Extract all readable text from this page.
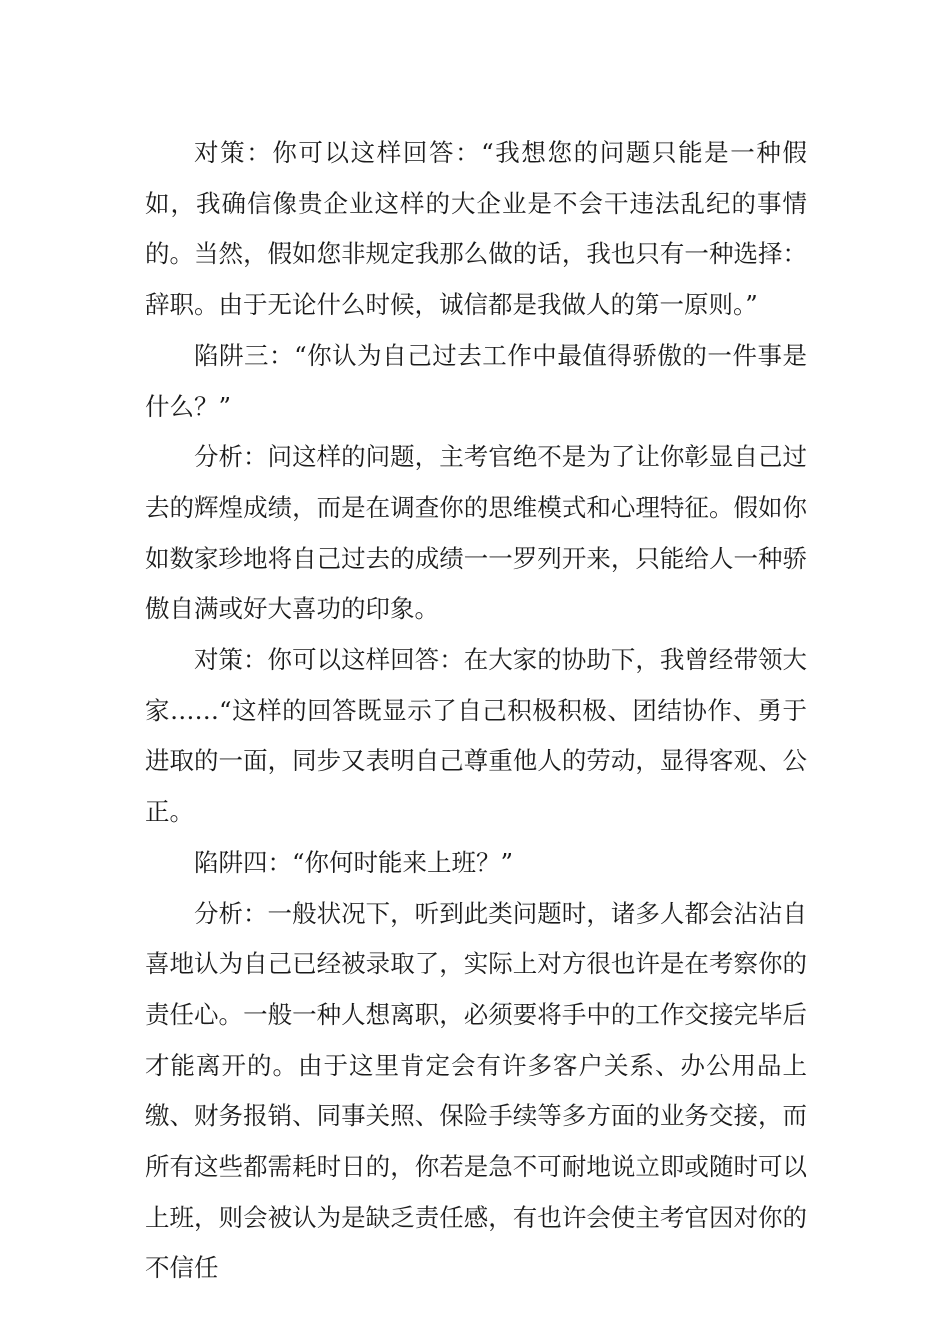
对策：你可以这样回答：“我想您的问题只能是一种假如，我确信像贵企业这样的大企业是不会干违法乱纪的事情的。当然，假如您非规定我那么做的话，我也只有一种选择：辞职。由于无论什么时候，诚信都是我做人的第一原则。”

陷阱三：“你认为自己过去工作中最值得骄傲的一件事是什么？”

分析：问这样的问题，主考官绝不是为了让你彰显自己过去的辉煌成绩，而是在调查你的思维模式和心理特征。假如你如数家珍地将自己过去的成绩一一罗列开来，只能给人一种骄傲自满或好大喜功的印象。

对策：你可以这样回答：在大家的协助下，我曾经带领大家……“这样的回答既显示了自己积极积极、团结协作、勇于进取的一面，同步又表明自己尊重他人的劳动，显得客观、公正。

陷阱四：“你何时能来上班？”

分析：一般状况下，听到此类问题时，诸多人都会沾沾自喜地认为自己已经被录取了，实际上对方很也许是在考察你的责任心。一般一种人想离职，必须要将手中的工作交接完毕后才能离开的。由于这里肯定会有许多客户关系、办公用品上缴、财务报销、同事关照、保险手续等多方面的业务交接，而所有这些都需耗时日的，你若是急不可耐地说立即或随时可以上班，则会被认为是缺乏责任感，有也许会使主考官因对你的不信任
